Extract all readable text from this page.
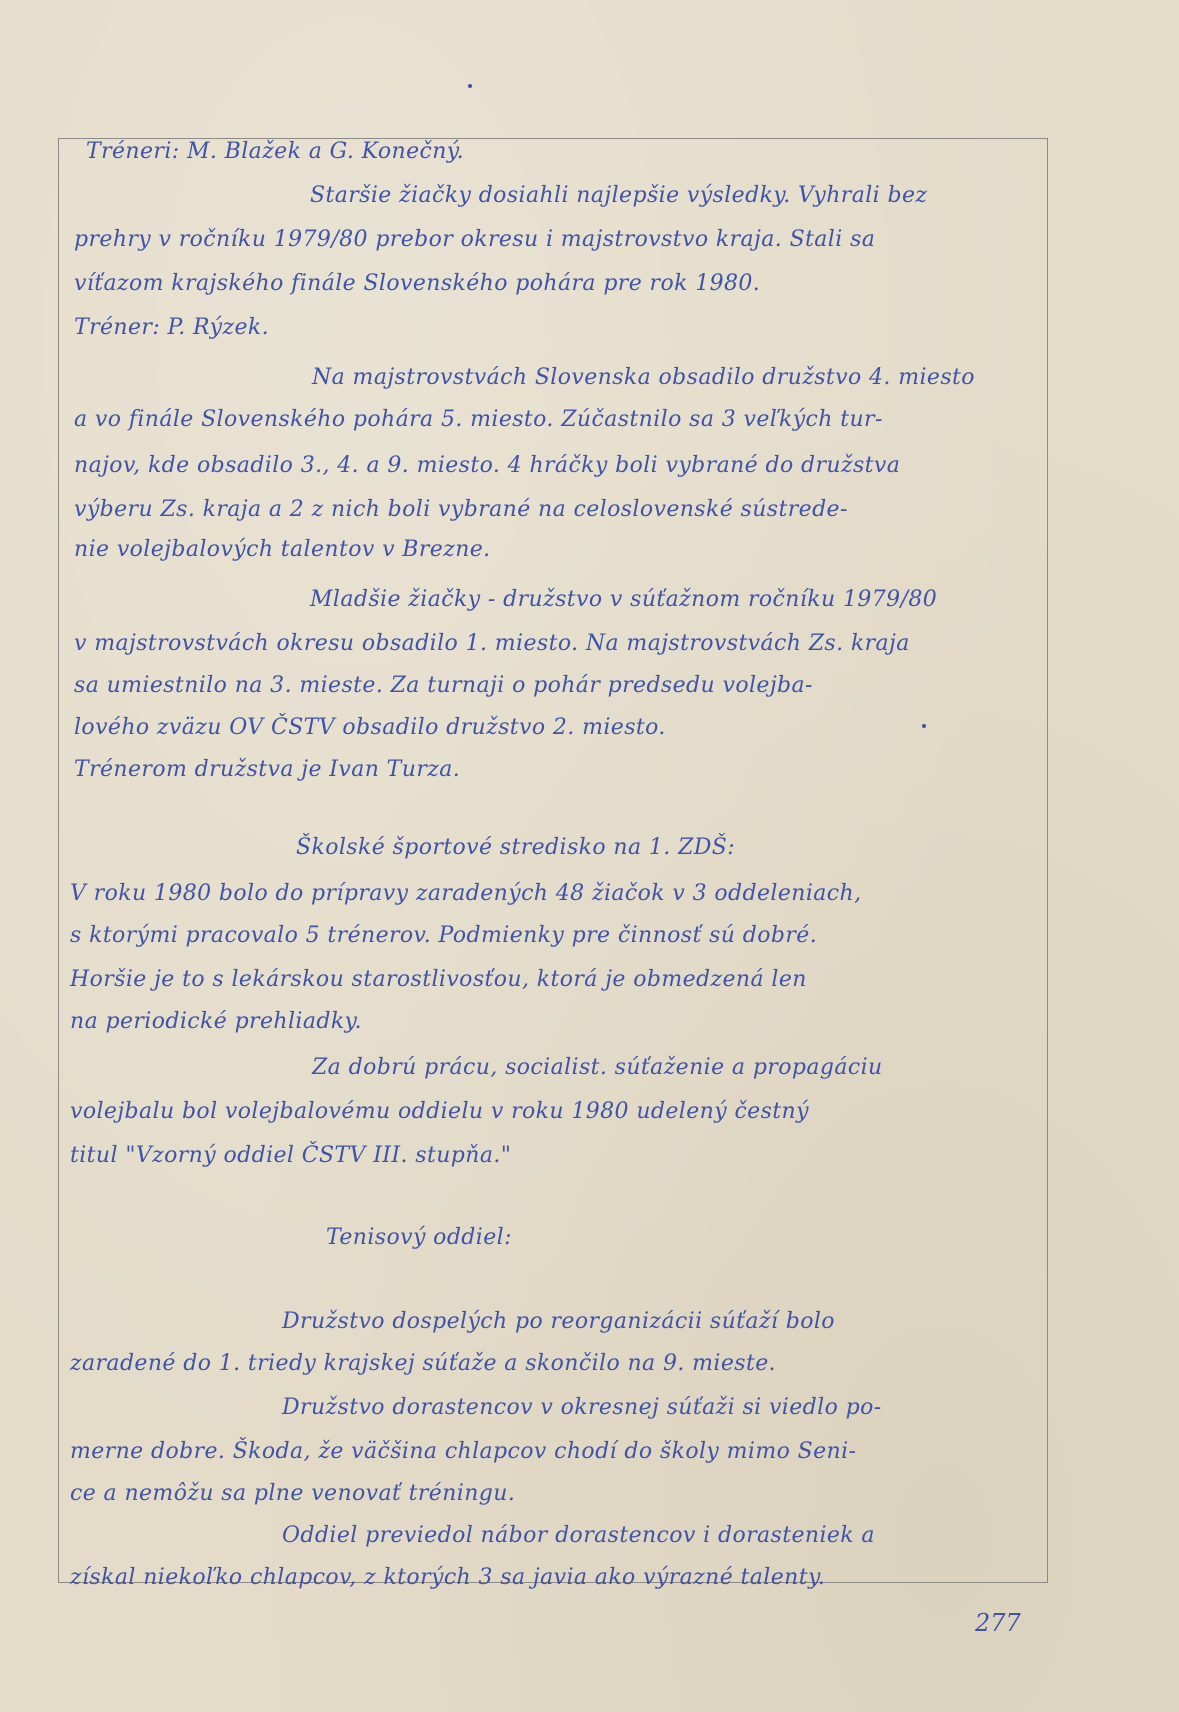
Tréneri: M. Blažek a G. Konečný.
Staršie žiačky dosiahli najlepšie výsledky. Vyhrali bez
prehry v ročníku 1979/80 prebor okresu i majstrovstvo kraja. Stali sa
víťazom krajského finále Slovenského pohára pre rok 1980.
Tréner: P. Rýzek.
Na majstrovstvách Slovenska obsadilo družstvo 4. miesto
a vo finále Slovenského pohára 5. miesto. Zúčastnilo sa 3 veľkých tur-
najov, kde obsadilo 3., 4. a 9. miesto. 4 hráčky boli vybrané do družstva
výberu Zs. kraja a 2 z nich boli vybrané na celoslovenské sústrede-
nie volejbalových talentov v Brezne.
Mladšie žiačky - družstvo v súťažnom ročníku 1979/80
v majstrovstvách okresu obsadilo 1. miesto. Na majstrovstvách Zs. kraja
sa umiestnilo na 3. mieste. Za turnaji o pohár predsedu volejba-
lového zväzu OV ČSTV obsadilo družstvo 2. miesto.
Trénerom družstva je Ivan Turza.
Školské športové stredisko na 1. ZDŠ:
V roku 1980 bolo do prípravy zaradených 48 žiačok v 3 oddeleniach,
s ktorými pracovalo 5 trénerov. Podmienky pre činnosť sú dobré.
Horšie je to s lekárskou starostlivosťou, ktorá je obmedzená len
na periodické prehliadky.
Za dobrú prácu, socialist. súťaženie a propagáciu
volejbalu bol volejbalovému oddielu v roku 1980 udelený čestný
titul "Vzorný oddiel ČSTV III. stupňa."
Tenisový oddiel:
Družstvo dospelých po reorganizácii súťaží bolo
zaradené do 1. triedy krajskej súťaže a skončilo na 9. mieste.
Družstvo dorastencov v okresnej súťaži si viedlo po-
merne dobre. Škoda, že väčšina chlapcov chodí do školy mimo Seni-
ce a nemôžu sa plne venovať tréningu.
Oddiel previedol nábor dorastencov i dorasteniek a
získal niekoľko chlapcov, z ktorých 3 sa javia ako výrazné talenty.
277
